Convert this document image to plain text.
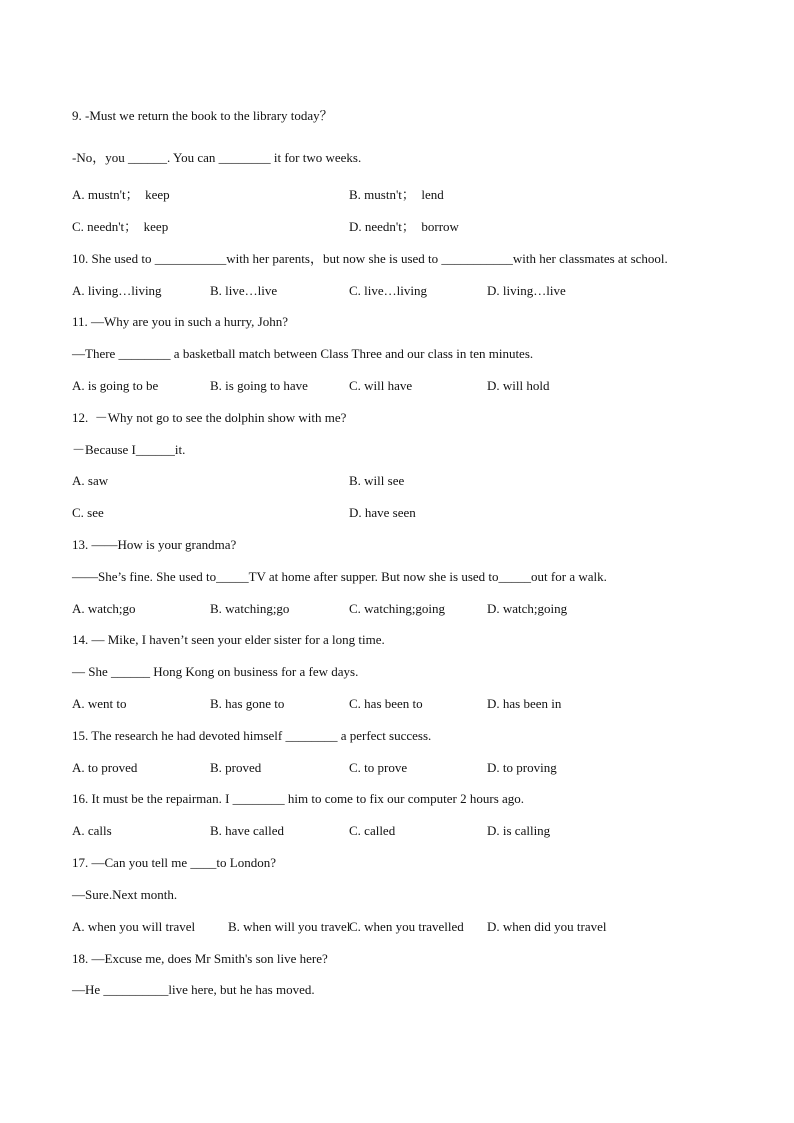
9. -Must we return the book to the library today？
-No，you ______. You can ________ it for two weeks.
A. mustn't；  keep	B. mustn't；  lend
C. needn't；  keep	D. needn't；  borrow
10. She used to ___________with her parents，but now she is used to ___________with her classmates at school.
A. living…living	B. live…live	C. live…living	D. living…live
11. —Why are you in such a hurry, John?
—There ________ a basketball match between Class Three and our class in ten minutes.
A. is going to be	B. is going to have	C. will have	D. will hold
12.  －Why not go to see the dolphin show with me?
－Because I______it.
A. saw	B. will see
C. see	D. have seen
13. ——How is your grandma?
——She’s fine. She used to_____TV at home after supper. But now she is used to_____out for a walk.
A. watch;go	B. watching;go	C. watching;going	D. watch;going
14. — Mike, I haven’t seen your elder sister for a long time.
— She ______ Hong Kong on business for a few days.
A. went to	B. has gone to	C. has been to	D. has been in
15. The research he had devoted himself ________ a perfect success.
A. to proved	B. proved	C. to prove	D. to proving
16. It must be the repairman. I ________ him to come to fix our computer 2 hours ago.
A. calls	B. have called	C. called	D. is calling
17. —Can you tell me ____to London?
—Sure.Next month.
A. when you will travel	B. when will you travel
C. when you travelled D. when did you travel
18. —Excuse me, does Mr Smith's son live here?
—He __________live here, but he has moved.
